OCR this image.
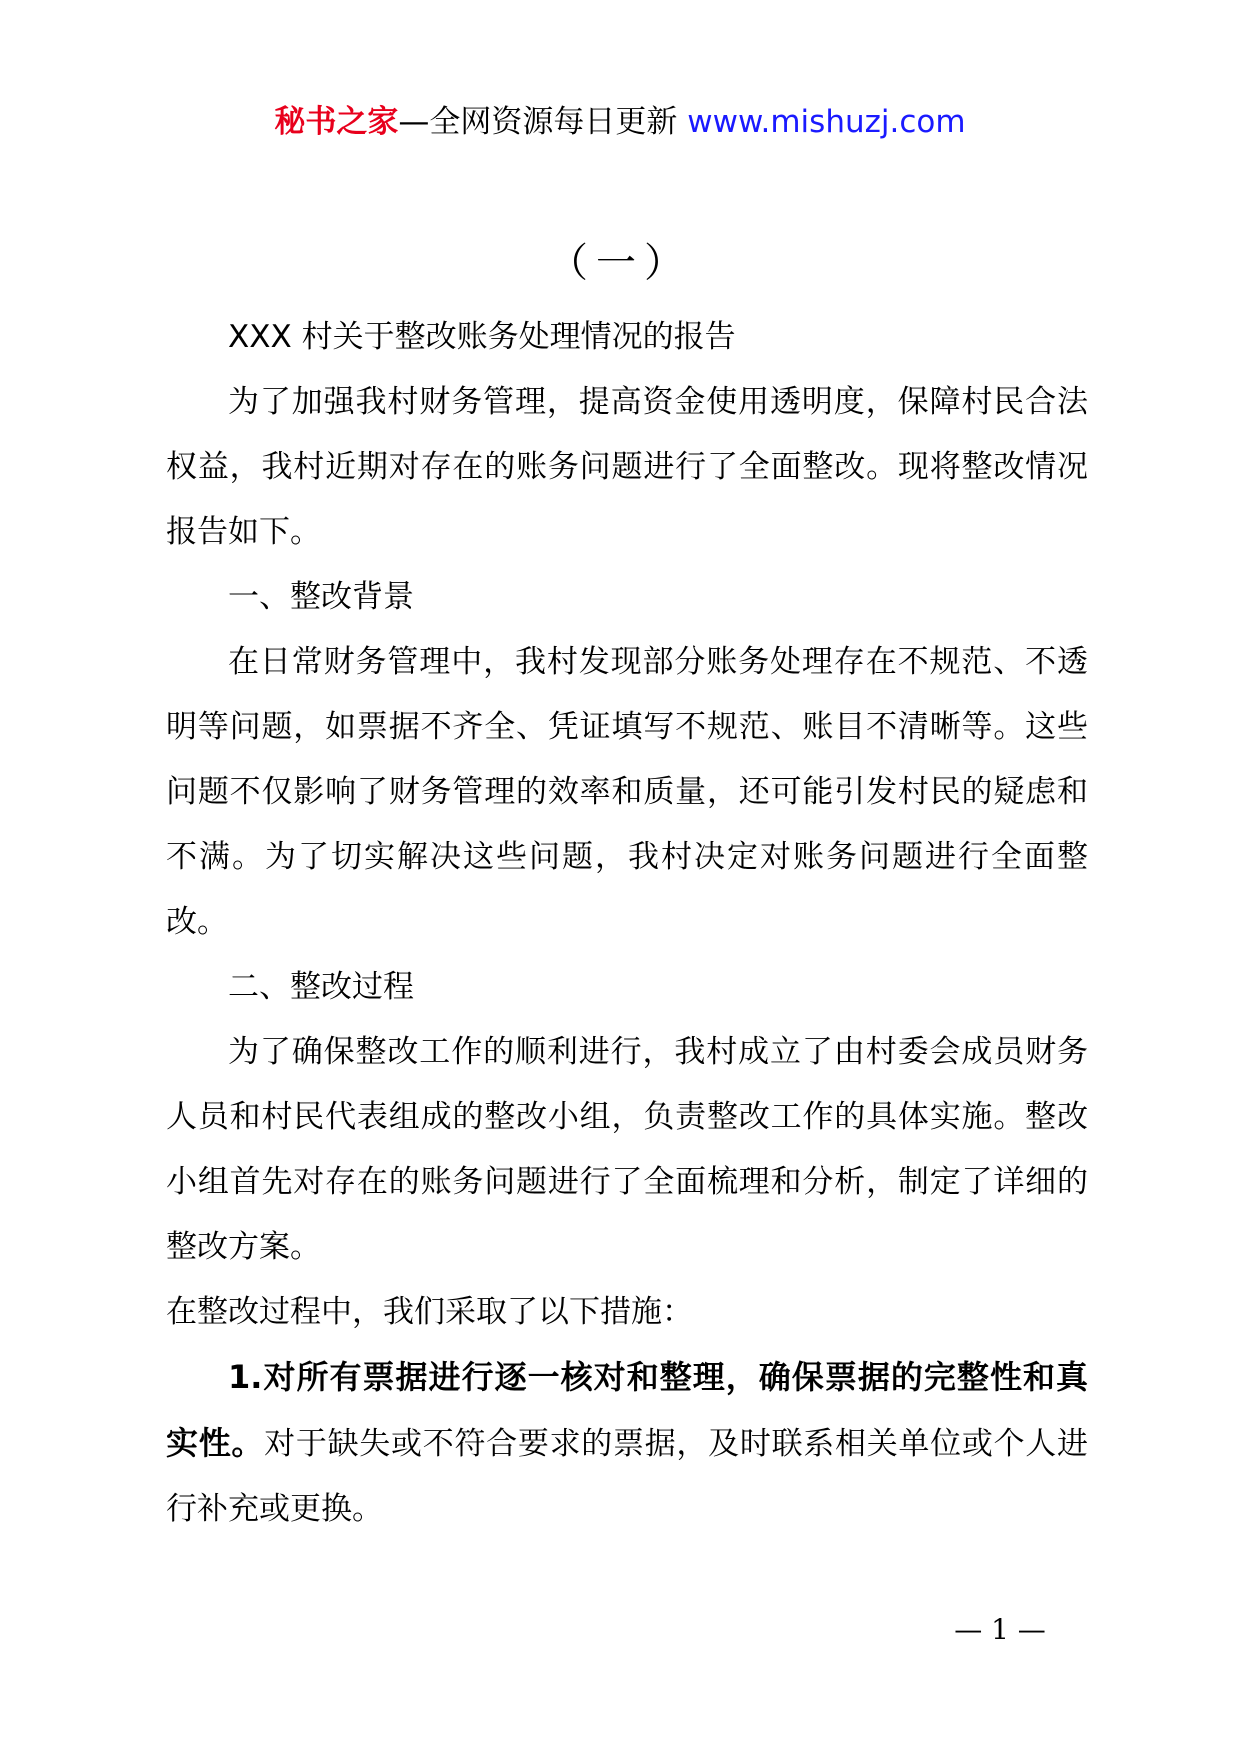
秘书之家—全网资源每日更新 www.mishuzj.com
（一）

XXX 村关于整改账务处理情况的报告

为了加强我村财务管理，提高资金使用透明度，保障村民合法权益，我村近期对存在的账务问题进行了全面整改。现将整改情况报告如下。

一、整改背景

在日常财务管理中，我村发现部分账务处理存在不规范、不透明等问题，如票据不齐全、凭证填写不规范、账目不清晰等。这些问题不仅影响了财务管理的效率和质量，还可能引发村民的疑虑和不满。为了切实解决这些问题，我村决定对账务问题进行全面整改。

二、整改过程

为了确保整改工作的顺利进行，我村成立了由村委会成员财务人员和村民代表组成的整改小组，负责整改工作的具体实施。整改小组首先对存在的账务问题进行了全面梳理和分析，制定了详细的整改方案。

在整改过程中，我们采取了以下措施：

1.对所有票据进行逐一核对和整理，确保票据的完整性和真实性。对于缺失或不符合要求的票据，及时联系相关单位或个人进行补充或更换。

— 1 —
